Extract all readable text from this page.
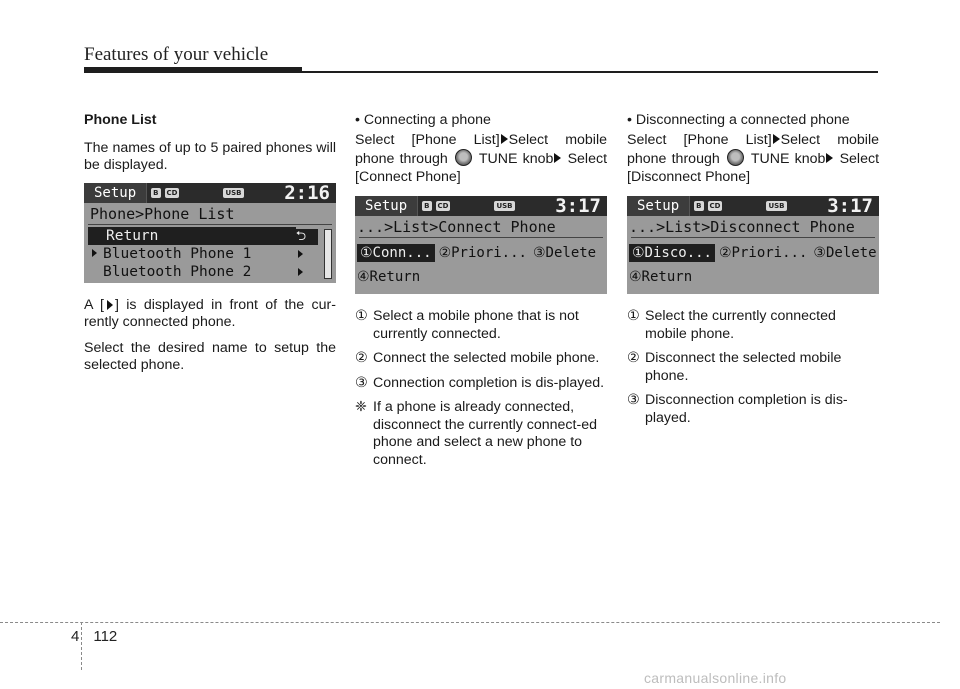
Features of your vehicle

Phone List

The names of up to 5 paired phones will be displayed.

Setup	B CD	USB 2:16
Phone>Phone List
Return	⮌
Bluetooth Phone 1
Bluetooth Phone 2

A [ ] is displayed in front of the cur-rently connected phone.

Select the desired name to setup the selected phone.

• Connecting a phone

Select [Phone List] Select mobile phone through TUNE knob Select [Connect Phone]

Setup	B CD	USB 3:17
...>List>Connect Phone
①Conn... ②Priori... ③Delete
④Return
① Select a mobile phone that is not currently connected.
② Connect the selected mobile phone.
③ Connection completion is dis-played.
❈ If a phone is already connected, disconnect the currently connect-ed phone and select a new phone to connect.

• Disconnecting a connected phone

Select [Phone List] Select mobile phone through TUNE knob Select [Disconnect Phone]

Setup	B CD	USB 3:17
...>List>Disconnect Phone
①Disco... ②Priori... ③Delete
④Return
① Select the currently connected mobile phone.
② Disconnect the selected mobile phone.
③ Disconnection completion is dis-played.
4 112
carmanualsonline.info
